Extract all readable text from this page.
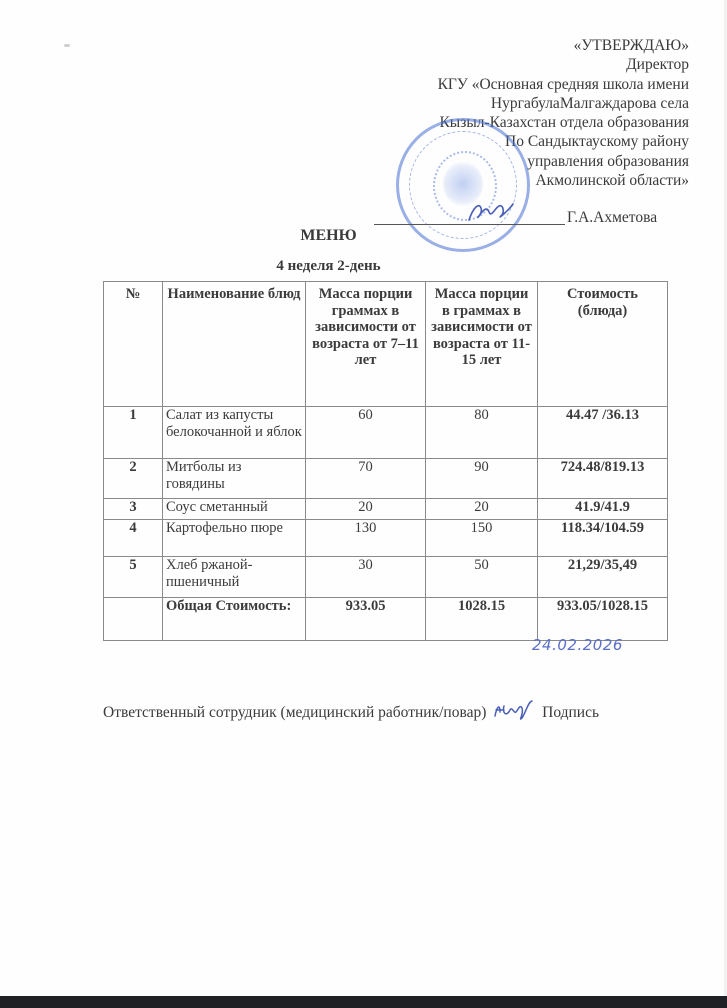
«УТВЕРЖДАЮ»
Директор
КГУ «Основная средняя школа имени
НургабулаМалгаждарова села
Кызыл-Казахстан отдела образования
По Сандыктаускому району
управления образования
Акмолинской области»
Г.А.Ахметова
МЕНЮ
4 неделя 2-день
№	Наименование блюд	Масса порции граммах в зависимости от возраста от 7–11 лет	Масса порции в граммах в зависимости от возраста от 11-15 лет	Стоимость (блюда)
1	Салат из капусты белокочанной и яблок	60	80	44.47 /36.13
2	Митболы из говядины	70	90	724.48/819.13
3	Соус сметанный	20	20	41.9/41.9
4	Картофельно пюре	130	150	118.34/104.59
5	Хлеб ржаной-пшеничный	30	50	21,29/35,49
	Общая Стоимость:	933.05	1028.15	933.05/1028.15
24.02.2026
Ответственный сотрудник (медицинский работник/повар)	Подпись
